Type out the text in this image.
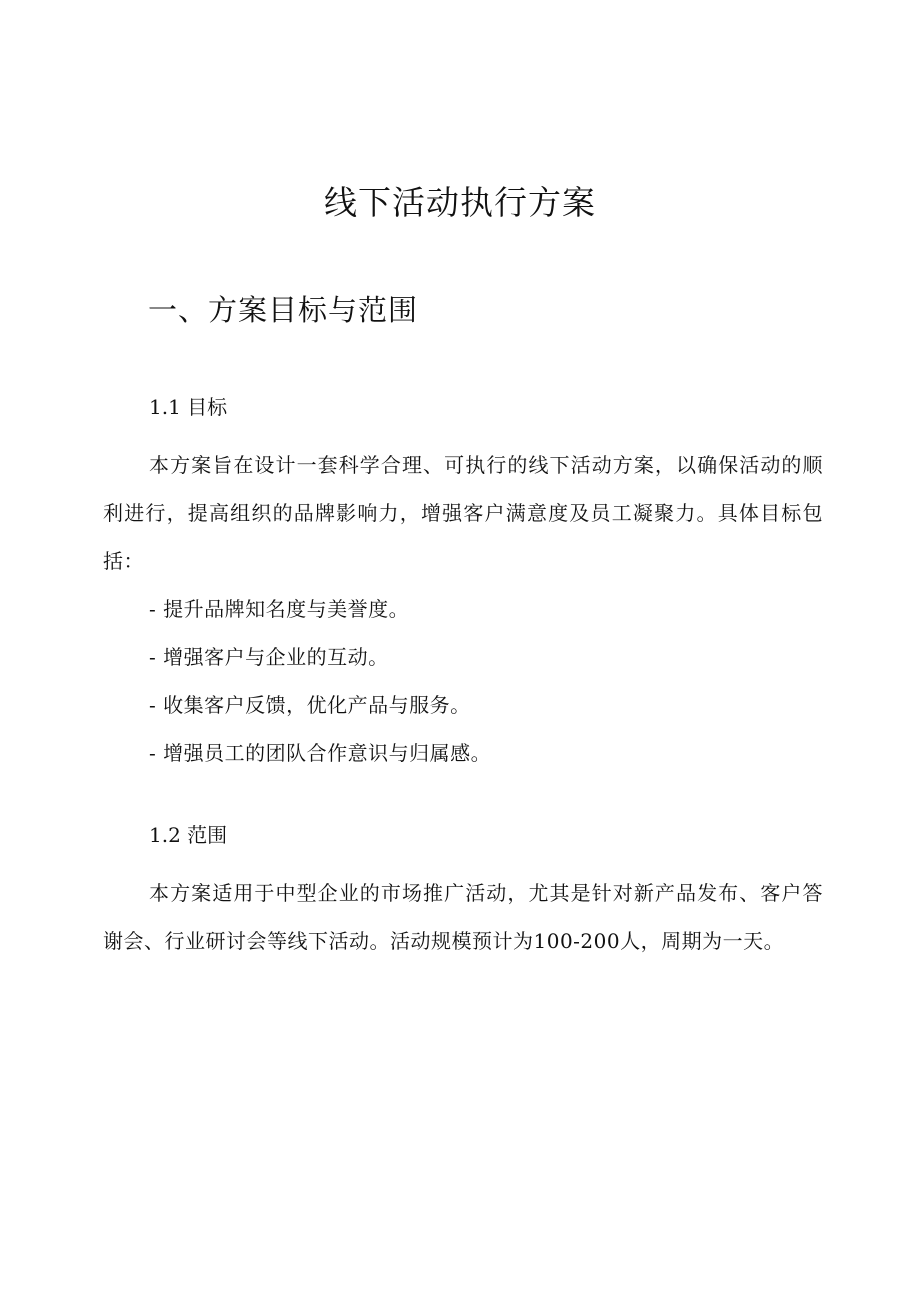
线下活动执行方案
一、方案目标与范围
1.1 目标

本方案旨在设计一套科学合理、可执行的线下活动方案，以确保活动的顺利进行，提高组织的品牌影响力，增强客户满意度及员工凝聚力。具体目标包括：

- 提升品牌知名度与美誉度。
- 增强客户与企业的互动。
- 收集客户反馈，优化产品与服务。
- 增强员工的团队合作意识与归属感。
1.2 范围

本方案适用于中型企业的市场推广活动，尤其是针对新产品发布、客户答谢会、行业研讨会等线下活动。活动规模预计为100-200人，周期为一天。
